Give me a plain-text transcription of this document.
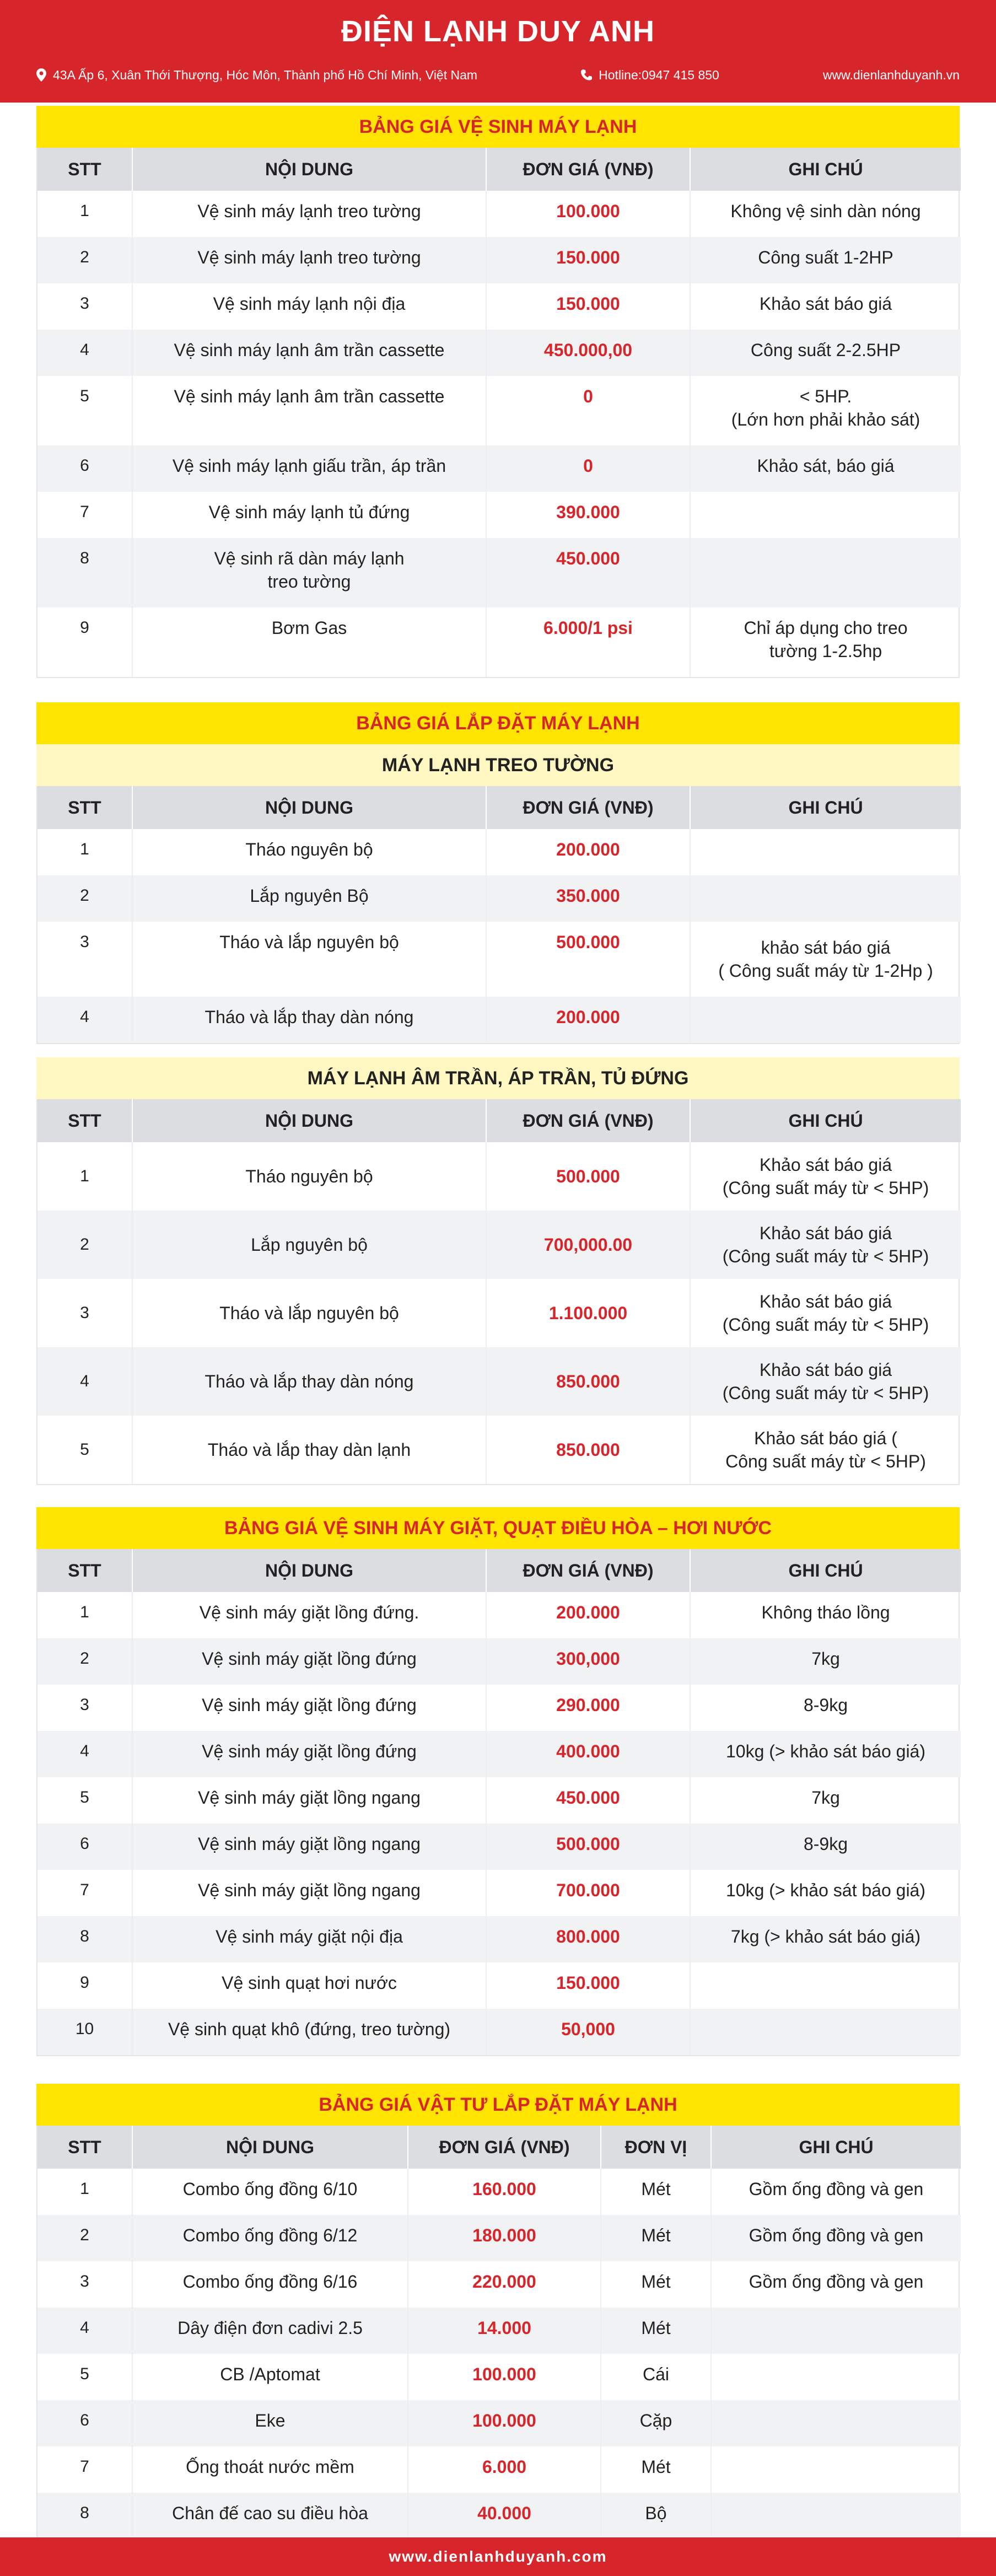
ĐIỆN LẠNH DUY ANH
43A Ấp 6, Xuân Thới Thượng, Hóc Môn, Thành phố Hồ Chí Minh, Việt Nam	Hotline:0947 415 850	www.dienlanhduyanh.vn
BẢNG GIÁ VỆ SINH MÁY LẠNH
STT	NỘI DUNG	ĐƠN GIÁ (VNĐ)	GHI CHÚ
1	Vệ sinh máy lạnh treo tường	100.000	Không vệ sinh dàn nóng
2	Vệ sinh máy lạnh treo tường	150.000	Công suất 1-2HP
3	Vệ sinh máy lạnh nội địa	150.000	Khảo sát báo giá
4	Vệ sinh máy lạnh âm trần cassette	450.000,00	Công suất 2-2.5HP
5	Vệ sinh máy lạnh âm trần cassette	0	< 5HP.
(Lớn hơn phải khảo sát)
6	Vệ sinh máy lạnh giấu trần, áp trần	0	Khảo sát, báo giá
7	Vệ sinh máy lạnh tủ đứng	390.000	
8	Vệ sinh rã dàn máy lạnh
treo tường	450.000	
9	Bơm Gas	6.000/1 psi	Chỉ áp dụng cho treo
tường 1-2.5hp
BẢNG GIÁ LẮP ĐẶT MÁY LẠNH
MÁY LẠNH TREO TƯỜNG
STT	NỘI DUNG	ĐƠN GIÁ (VNĐ)	GHI CHÚ
1	Tháo nguyên bộ	200.000	
2	Lắp nguyên Bộ	350.000	
3	Tháo và lắp nguyên bộ	500.000	khảo sát báo giá
( Công suất máy từ 1-2Hp )
4	Tháo và lắp thay dàn nóng	200.000	
MÁY LẠNH ÂM TRẦN, ÁP TRẦN, TỦ ĐỨNG
STT	NỘI DUNG	ĐƠN GIÁ (VNĐ)	GHI CHÚ
1	Tháo nguyên bộ	500.000	Khảo sát báo giá
(Công suất máy từ < 5HP)
2	Lắp nguyên bộ	700,000.00	Khảo sát báo giá
(Công suất máy từ < 5HP)
3	Tháo và lắp nguyên bộ	1.100.000	Khảo sát báo giá
(Công suất máy từ < 5HP)
4	Tháo và lắp thay dàn nóng	850.000	Khảo sát báo giá
(Công suất máy từ < 5HP)
5	Tháo và lắp thay dàn lạnh	850.000	Khảo sát báo giá (
Công suất máy từ < 5HP)
BẢNG GIÁ VỆ SINH MÁY GIẶT, QUẠT ĐIỀU HÒA – HƠI NƯỚC
STT	NỘI DUNG	ĐƠN GIÁ (VNĐ)	GHI CHÚ
1	Vệ sinh máy giặt lồng đứng.	200.000	Không tháo lồng
2	Vệ sinh máy giặt lồng đứng	300,000	7kg
3	Vệ sinh máy giặt lồng đứng	290.000	8-9kg
4	Vệ sinh máy giặt lồng đứng	400.000	10kg (> khảo sát báo giá)
5	Vệ sinh máy giặt lồng ngang	450.000	7kg
6	Vệ sinh máy giặt lồng ngang	500.000	8-9kg
7	Vệ sinh máy giặt lồng ngang	700.000	10kg (> khảo sát báo giá)
8	Vệ sinh máy giặt nội địa	800.000	7kg (> khảo sát báo giá)
9	Vệ sinh quạt hơi nước	150.000	
10	Vệ sinh quạt khô (đứng, treo tường)	50,000	
BẢNG GIÁ VẬT TƯ LẮP ĐẶT MÁY LẠNH
STT	NỘI DUNG	ĐƠN GIÁ (VNĐ)	ĐƠN VỊ	GHI CHÚ
1	Combo ống đồng 6/10	160.000	Mét	Gồm ống đồng và gen
2	Combo ống đồng 6/12	180.000	Mét	Gồm ống đồng và gen
3	Combo ống đồng 6/16	220.000	Mét	Gồm ống đồng và gen
4	Dây điện đơn cadivi 2.5	14.000	Mét	
5	CB /Aptomat	100.000	Cái	
6	Eke	100.000	Cặp	
7	Ống thoát nước mềm	6.000	Mét	
8	Chân đế cao su điều hòa	40.000	Bộ	
www.dienlanhduyanh.com
